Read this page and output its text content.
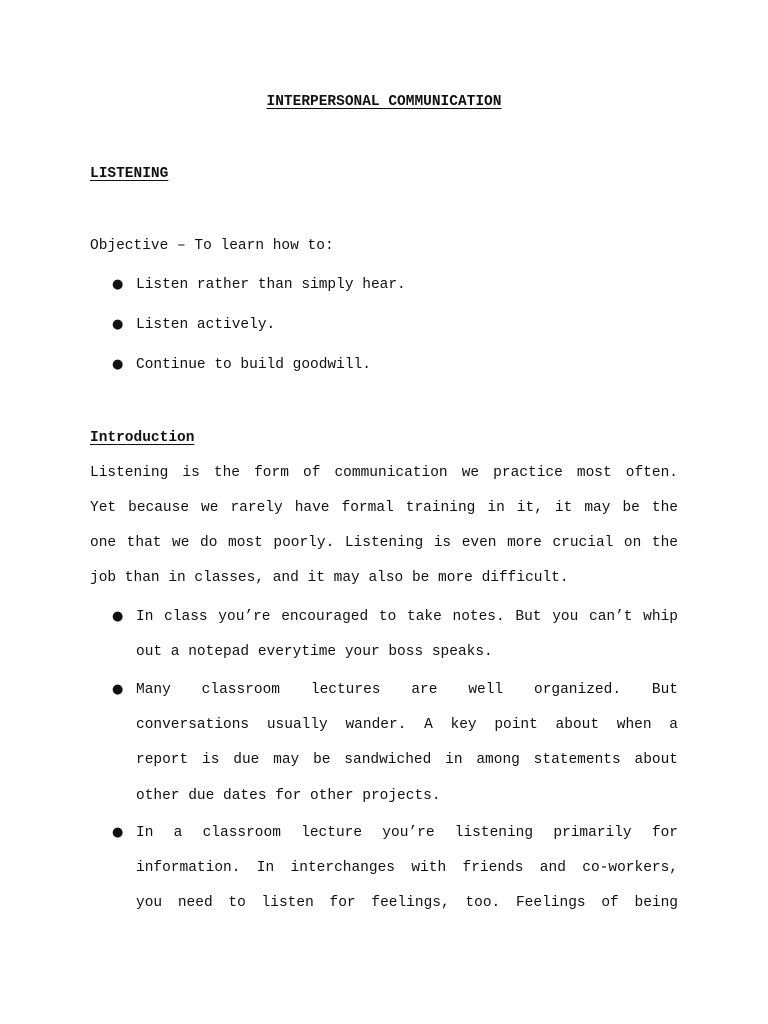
INTERPERSONAL COMMUNICATION
LISTENING
Objective – To learn how to:
● Listen rather than simply hear.
● Listen actively.
● Continue to build goodwill.
Introduction
Listening is the form of communication we practice most often.
Yet because we rarely have formal training in it, it may be the
one that we do most poorly. Listening is even more crucial on the
job than in classes, and it may also be more difficult.
● In class you’re encouraged to take notes. But you can’t whip
out a notepad everytime your boss speaks.
● Many classroom lectures are well organized. But
conversations usually wander. A key point about when a
report is due may be sandwiched in among statements about
other due dates for other projects.
● In a classroom lecture you’re listening primarily for
information. In interchanges with friends and co-workers,
you need to listen for feelings, too. Feelings of being
